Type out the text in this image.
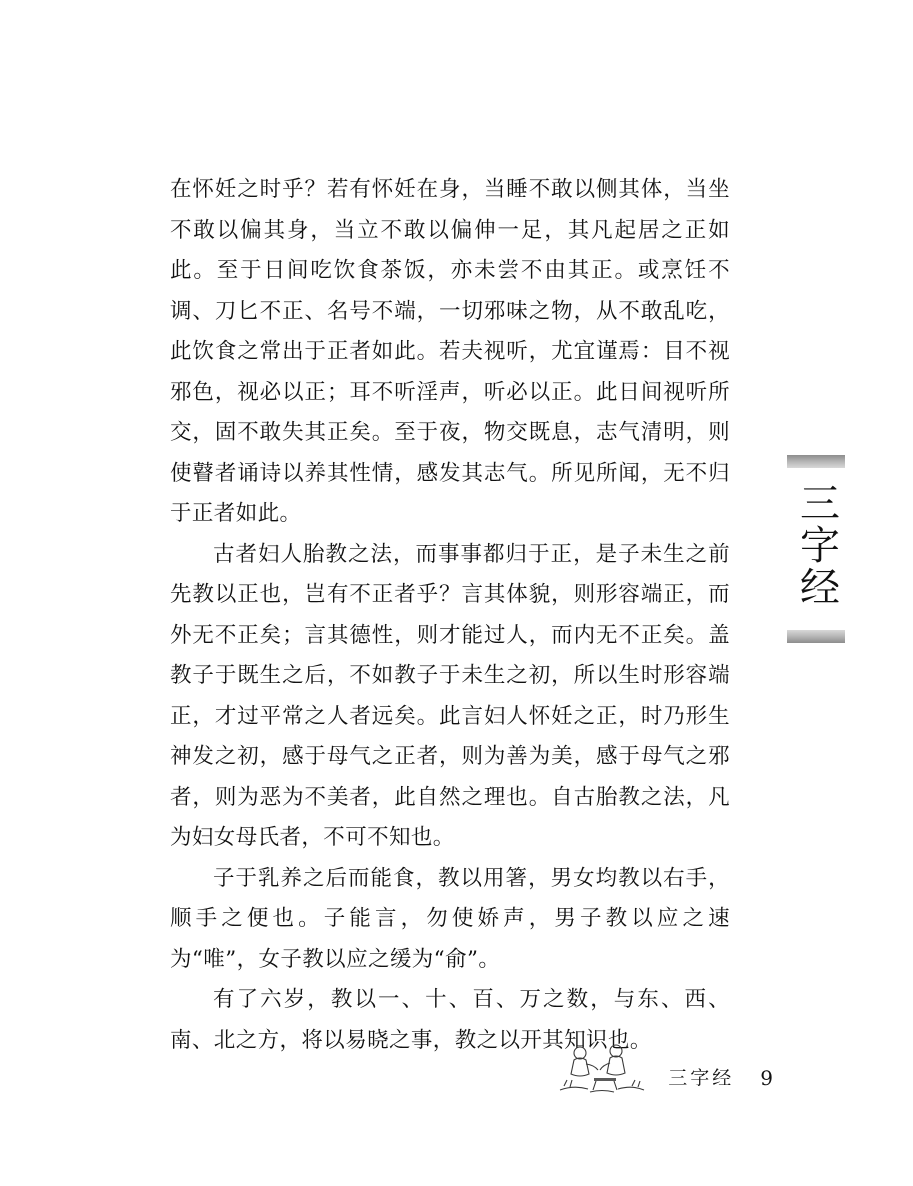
在怀妊之时乎？若有怀妊在身，当睡不敢以侧其体，当坐不敢以偏其身，当立不敢以偏伸一足，其凡起居之正如此。至于日间吃饮食茶饭，亦未尝不由其正。或烹饪不调、刀匕不正、名号不端，一切邪味之物，从不敢乱吃，此饮食之常出于正者如此。若夫视听，尤宜谨焉：目不视邪色，视必以正；耳不听淫声，听必以正。此日间视听所交，固不敢失其正矣。至于夜，物交既息，志气清明，则使瞽者诵诗以养其性情，感发其志气。所见所闻，无不归于正者如此。

古者妇人胎教之法，而事事都归于正，是子未生之前先教以正也，岂有不正者乎？言其体貌，则形容端正，而外无不正矣；言其德性，则才能过人，而内无不正矣。盖教子于既生之后，不如教子于未生之初，所以生时形容端正，才过平常之人者远矣。此言妇人怀妊之正，时乃形生神发之初，感于母气之正者，则为善为美，感于母气之邪者，则为恶为不美者，此自然之理也。自古胎教之法，凡为妇女母氏者，不可不知也。

子于乳养之后而能食，教以用箸，男女均教以右手，顺手之便也。子能言，勿使娇声，男子教以应之速为“唯”，女子教以应之缓为“俞”。

有了六岁，教以一、十、百、万之数，与东、西、南、北之方，将以易晓之事，教之以开其知识也。

三字经
三字经	9
